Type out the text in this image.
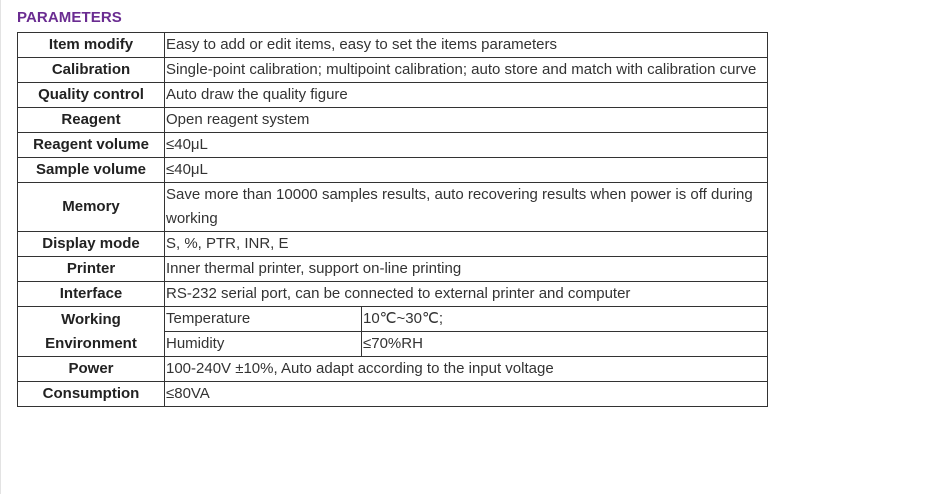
PARAMETERS
Item modify	Easy to add or edit items, easy to set the items parameters	
Calibration	Single-point calibration; multipoint calibration; auto store and match with calibration curve	
Quality control	Auto draw the quality figure	
Reagent	Open reagent system	
Reagent volume	≤40μL	
Sample volume	≤40μL	
Memory	Save more than 10000 samples results, auto recovering results when power is off during working	
Display mode	S, %, PTR, INR, E	
Printer	Inner thermal printer, support on-line printing	
Interface	RS-232 serial port, can be connected to external printer and computer	
Working
Environment	Temperature	10℃~30℃;
	Humidity	≤70%RH
Power	100-240V ±10%, Auto adapt according to the input voltage	
Consumption	≤80VA	
